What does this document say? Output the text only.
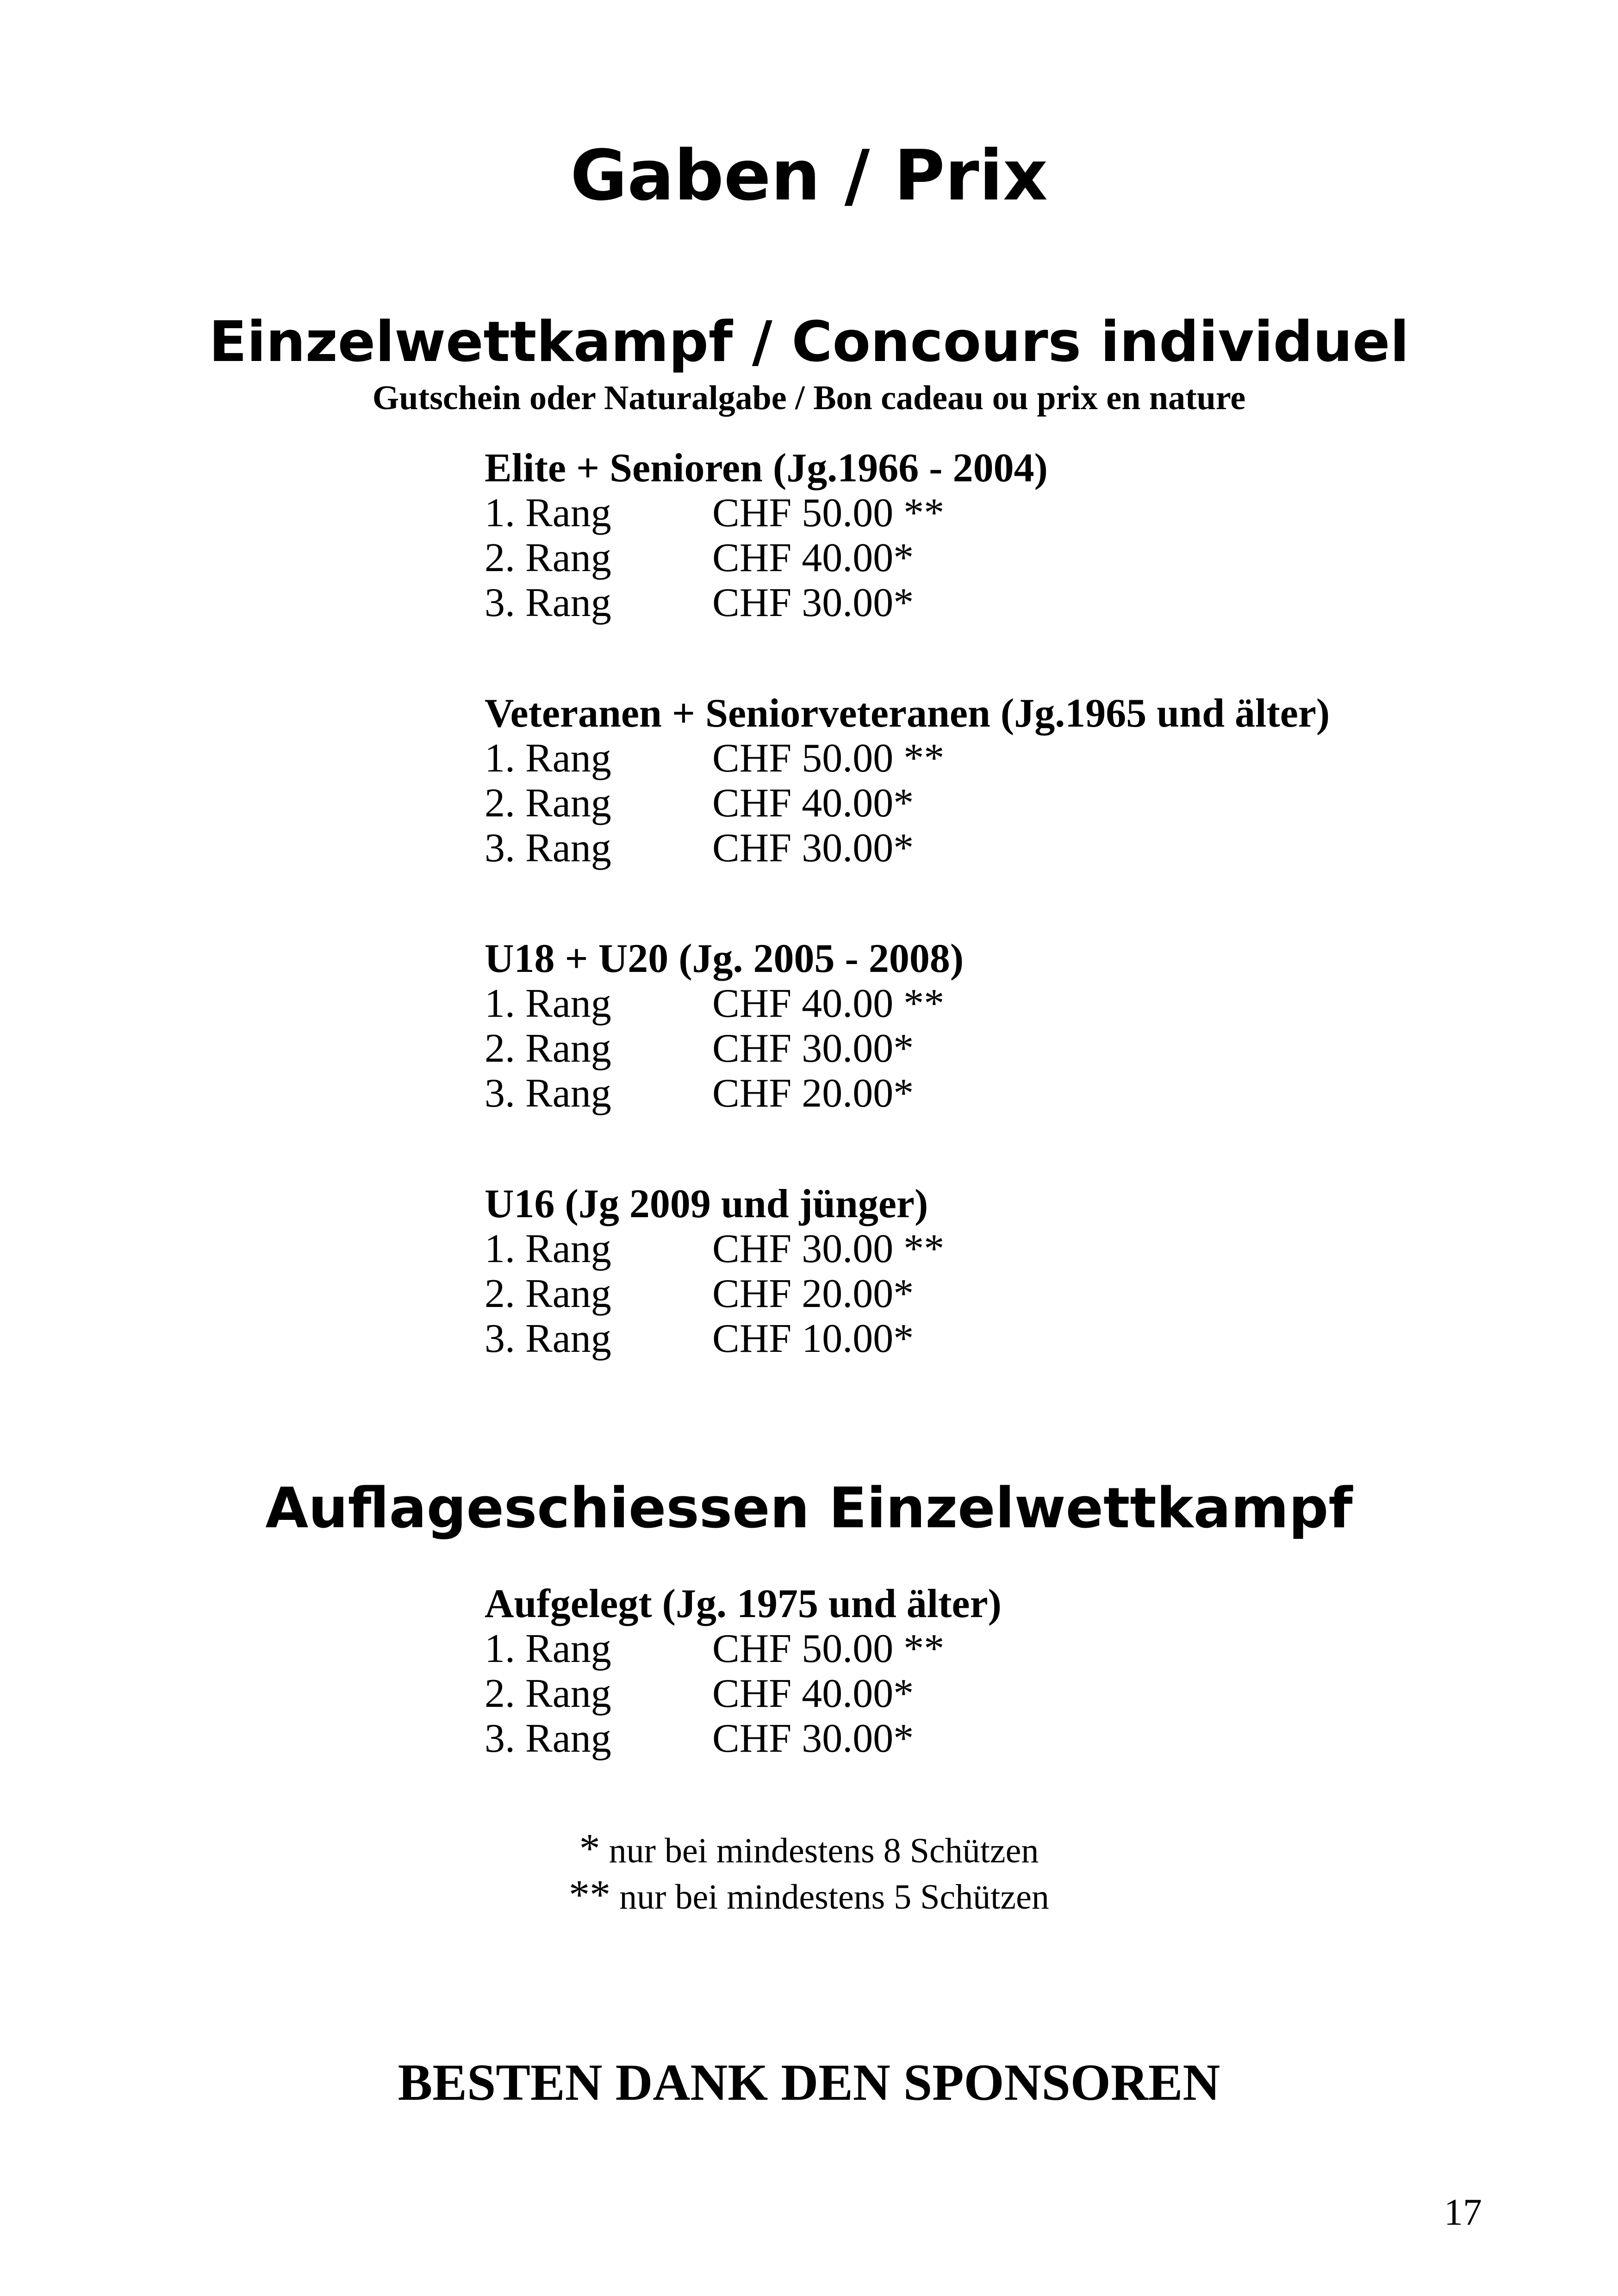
Gaben / Prix
Einzelwettkampf / Concours individuel
Gutschein oder Naturalgabe / Bon cadeau ou prix en nature
Elite + Senioren (Jg.1966 - 2004)
1. Rang CHF 50.00 **
2. Rang CHF 40.00*
3. Rang CHF 30.00*
Veteranen + Seniorveteranen (Jg.1965 und älter)
1. Rang CHF 50.00 **
2. Rang CHF 40.00*
3. Rang CHF 30.00*
U18 + U20 (Jg. 2005 - 2008)
1. Rang CHF 40.00 **
2. Rang CHF 30.00*
3. Rang CHF 20.00*
U16 (Jg 2009 und jünger)
1. Rang CHF 30.00 **
2. Rang CHF 20.00*
3. Rang CHF 10.00*
Auflageschiessen Einzelwettkampf
Aufgelegt (Jg. 1975 und älter)
1. Rang CHF 50.00 **
2. Rang CHF 40.00*
3. Rang CHF 30.00*
* nur bei mindestens 8 Schützen
** nur bei mindestens 5 Schützen
BESTEN DANK DEN SPONSOREN
17
